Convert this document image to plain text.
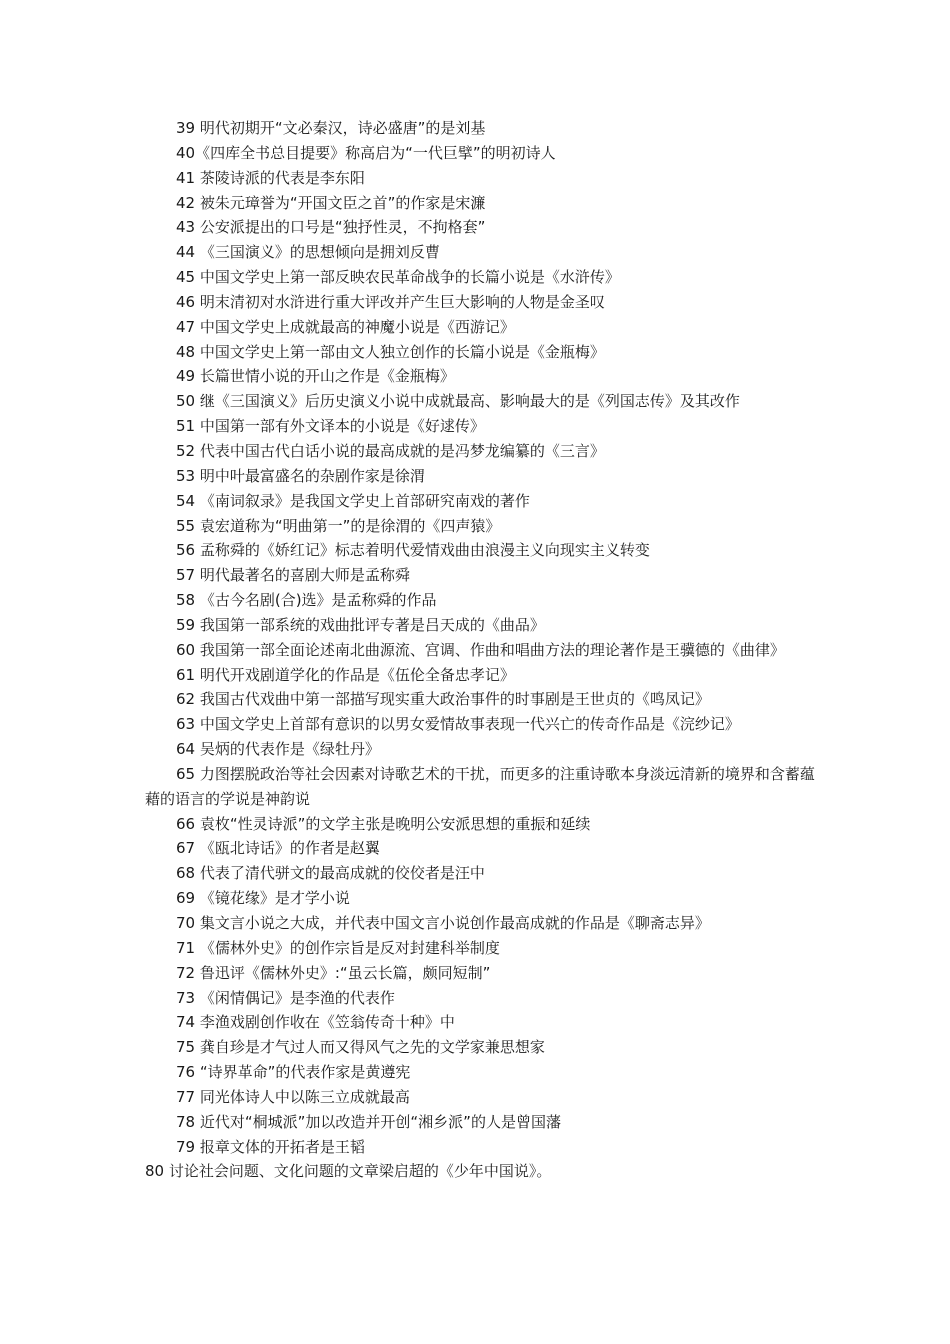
39 明代初期开“文必秦汉，诗必盛唐”的是刘基
40《四库全书总目提要》称高启为“一代巨擘”的明初诗人
41 茶陵诗派的代表是李东阳
42 被朱元璋誉为“开国文臣之首”的作家是宋濂
43 公安派提出的口号是“独抒性灵，不拘格套”
44 《三国演义》的思想倾向是拥刘反曹
45 中国文学史上第一部反映农民革命战争的长篇小说是《水浒传》
46 明末清初对水浒进行重大评改并产生巨大影响的人物是金圣叹
47 中国文学史上成就最高的神魔小说是《西游记》
48 中国文学史上第一部由文人独立创作的长篇小说是《金瓶梅》
49 长篇世情小说的开山之作是《金瓶梅》
50 继《三国演义》后历史演义小说中成就最高、影响最大的是《列国志传》及其改作
51 中国第一部有外文译本的小说是《好逑传》
52 代表中国古代白话小说的最高成就的是冯梦龙编纂的《三言》
53 明中叶最富盛名的杂剧作家是徐渭
54 《南词叙录》是我国文学史上首部研究南戏的著作
55 袁宏道称为“明曲第一”的是徐渭的《四声猿》
56 孟称舜的《娇红记》标志着明代爱情戏曲由浪漫主义向现实主义转变
57 明代最著名的喜剧大师是孟称舜
58 《古今名剧(合)选》是孟称舜的作品
59 我国第一部系统的戏曲批评专著是吕天成的《曲品》
60 我国第一部全面论述南北曲源流、宫调、作曲和唱曲方法的理论著作是王骥德的《曲律》
61 明代开戏剧道学化的作品是《伍伦全备忠孝记》
62 我国古代戏曲中第一部描写现实重大政治事件的时事剧是王世贞的《鸣凤记》
63 中国文学史上首部有意识的以男女爱情故事表现一代兴亡的传奇作品是《浣纱记》
64 吴炳的代表作是《绿牡丹》
65 力图摆脱政治等社会因素对诗歌艺术的干扰，而更多的注重诗歌本身淡远清新的境界和含蓄蕴藉的语言的学说是神韵说
66 袁枚“性灵诗派”的文学主张是晚明公安派思想的重振和延续
67 《瓯北诗话》的作者是赵翼
68 代表了清代骈文的最高成就的佼佼者是汪中
69 《镜花缘》是才学小说
70 集文言小说之大成，并代表中国文言小说创作最高成就的作品是《聊斋志异》
71 《儒林外史》的创作宗旨是反对封建科举制度
72 鲁迅评《儒林外史》:“虽云长篇，颇同短制”
73 《闲情偶记》是李渔的代表作
74 李渔戏剧创作收在《笠翁传奇十种》中
75 龚自珍是才气过人而又得风气之先的文学家兼思想家
76 “诗界革命”的代表作家是黄遵宪
77 同光体诗人中以陈三立成就最高
78 近代对“桐城派”加以改造并开创“湘乡派”的人是曾国藩
79 报章文体的开拓者是王韬
80 讨论社会问题、文化问题的文章梁启超的《少年中国说》。
